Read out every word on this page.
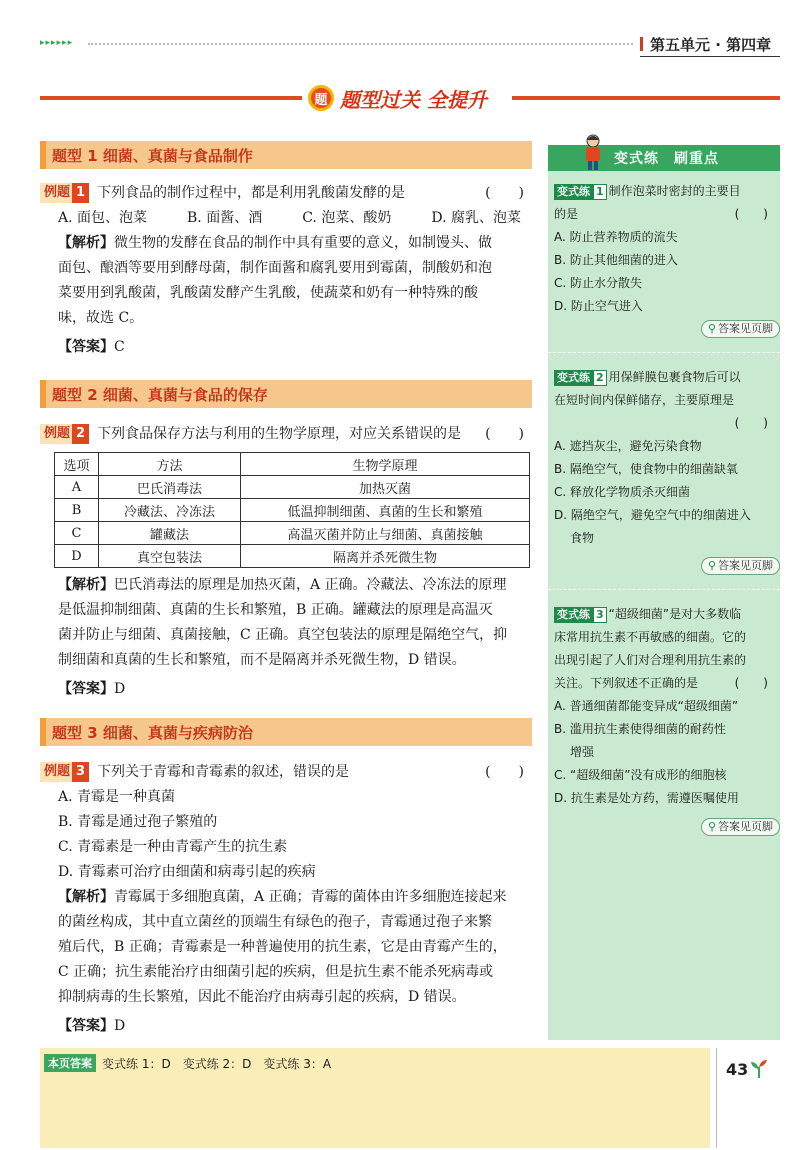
▸▸▸▸▸▸	第五单元 · 第四章
题 题型过关 全提升
题型 1 细菌、真菌与食品制作
例题 1 下列食品的制作过程中，都是利用乳酸菌发酵的是	(　　)
A. 面包、泡菜	B. 面酱、酒	C. 泡菜、酸奶	D. 腐乳、泡菜
【解析】微生物的发酵在食品的制作中具有重要的意义，如制馒头、做
面包、酿酒等要用到酵母菌，制作面酱和腐乳要用到霉菌，制酸奶和泡
菜要用到乳酸菌，乳酸菌发酵产生乳酸，使蔬菜和奶有一种特殊的酸
味，故选 C。
【答案】C
题型 2 细菌、真菌与食品的保存
例题 2 下列食品保存方法与利用的生物学原理，对应关系错误的是 (　　)
选项	方法	生物学原理
A	巴氏消毒法	加热灭菌
B	冷藏法、冷冻法	低温抑制细菌、真菌的生长和繁殖
C	罐藏法	高温灭菌并防止与细菌、真菌接触
D	真空包装法	隔离并杀死微生物
【解析】巴氏消毒法的原理是加热灭菌，A 正确。冷藏法、冷冻法的原理
是低温抑制细菌、真菌的生长和繁殖，B 正确。罐藏法的原理是高温灭
菌并防止与细菌、真菌接触，C 正确。真空包装法的原理是隔绝空气，抑
制细菌和真菌的生长和繁殖，而不是隔离并杀死微生物，D 错误。
【答案】D
题型 3 细菌、真菌与疾病防治
例题 3 下列关于青霉和青霉素的叙述，错误的是	(　　)
A. 青霉是一种真菌
B. 青霉是通过孢子繁殖的
C. 青霉素是一种由青霉产生的抗生素
D. 青霉素可治疗由细菌和病毒引起的疾病
【解析】青霉属于多细胞真菌，A 正确；青霉的菌体由许多细胞连接起来
的菌丝构成，其中直立菌丝的顶端生有绿色的孢子，青霉通过孢子来繁
殖后代，B 正确；青霉素是一种普遍使用的抗生素，它是由青霉产生的，
C 正确；抗生素能治疗由细菌引起的疾病，但是抗生素不能杀死病毒或
抑制病毒的生长繁殖，因此不能治疗由病毒引起的疾病，D 错误。
【答案】D
变式练　刷重点
变式练 1 制作泡菜时密封的主要目
的是	(　　)
A. 防止营养物质的流失
B. 防止其他细菌的进入
C. 防止水分散失
D. 防止空气进入
⚲ 答案见页脚
变式练 2 用保鲜膜包裹食物后可以
在短时间内保鲜储存，主要原理是
(　　)
A. 遮挡灰尘，避免污染食物
B. 隔绝空气，使食物中的细菌缺氧
C. 释放化学物质杀灭细菌
D. 隔绝空气，避免空气中的细菌进入
食物
⚲ 答案见页脚
变式练 3 “超级细菌”是对大多数临
床常用抗生素不再敏感的细菌。它的
出现引起了人们对合理利用抗生素的
关注。下列叙述不正确的是	(　　)
A. 普通细菌都能变异成“超级细菌”
B. 滥用抗生素使得细菌的耐药性
增强
C. “超级细菌”没有成形的细胞核
D. 抗生素是处方药，需遵医嘱使用
⚲ 答案见页脚
本页答案 变式练 1：D　变式练 2：D　变式练 3：A	43
